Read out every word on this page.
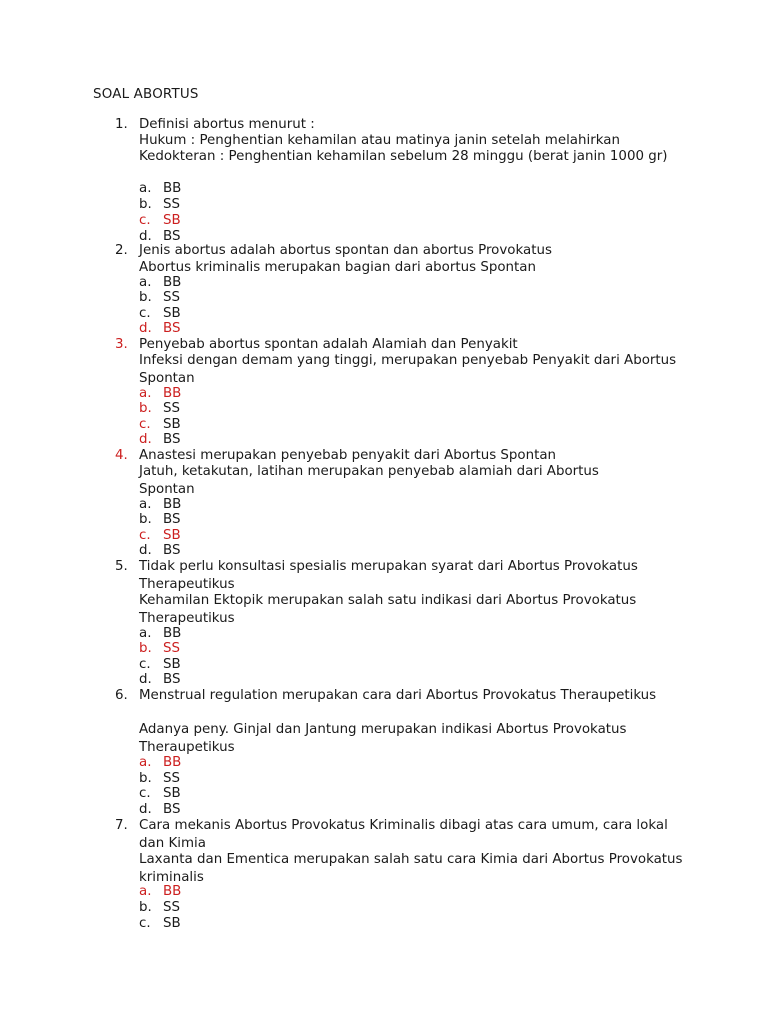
SOAL ABORTUS
1. Definisi abortus menurut :
Hukum : Penghentian kehamilan atau matinya janin setelah melahirkan
Kedokteran : Penghentian kehamilan sebelum 28 minggu (berat janin 1000 gr)
a. BB
b. SS
c. SB
d. BS
2. Jenis abortus adalah abortus spontan dan abortus Provokatus
Abortus kriminalis merupakan bagian dari abortus Spontan
a. BB
b. SS
c. SB
d. BS
3. Penyebab abortus spontan adalah Alamiah dan Penyakit
Infeksi dengan demam yang tinggi, merupakan penyebab Penyakit dari Abortus Spontan
a. BB
b. SS
c. SB
d. BS
4. Anastesi merupakan penyebab penyakit dari Abortus Spontan
Jatuh, ketakutan, latihan merupakan penyebab alamiah dari Abortus Spontan
a. BB
b. BS
c. SB
d. BS
5. Tidak perlu konsultasi spesialis merupakan syarat dari Abortus Provokatus Therapeutikus
Kehamilan Ektopik merupakan salah satu indikasi dari Abortus Provokatus Therapeutikus
a. BB
b. SS
c. SB
d. BS
6. Menstrual regulation merupakan cara dari Abortus Provokatus Theraupetikus
Adanya peny. Ginjal dan Jantung merupakan indikasi Abortus Provokatus Theraupetikus
a. BB
b. SS
c. SB
d. BS
7. Cara mekanis Abortus Provokatus Kriminalis dibagi atas cara umum, cara lokal dan Kimia
Laxanta dan Ementica merupakan salah satu cara Kimia dari Abortus Provokatus kriminalis
a. BB
b. SS
c. SB
